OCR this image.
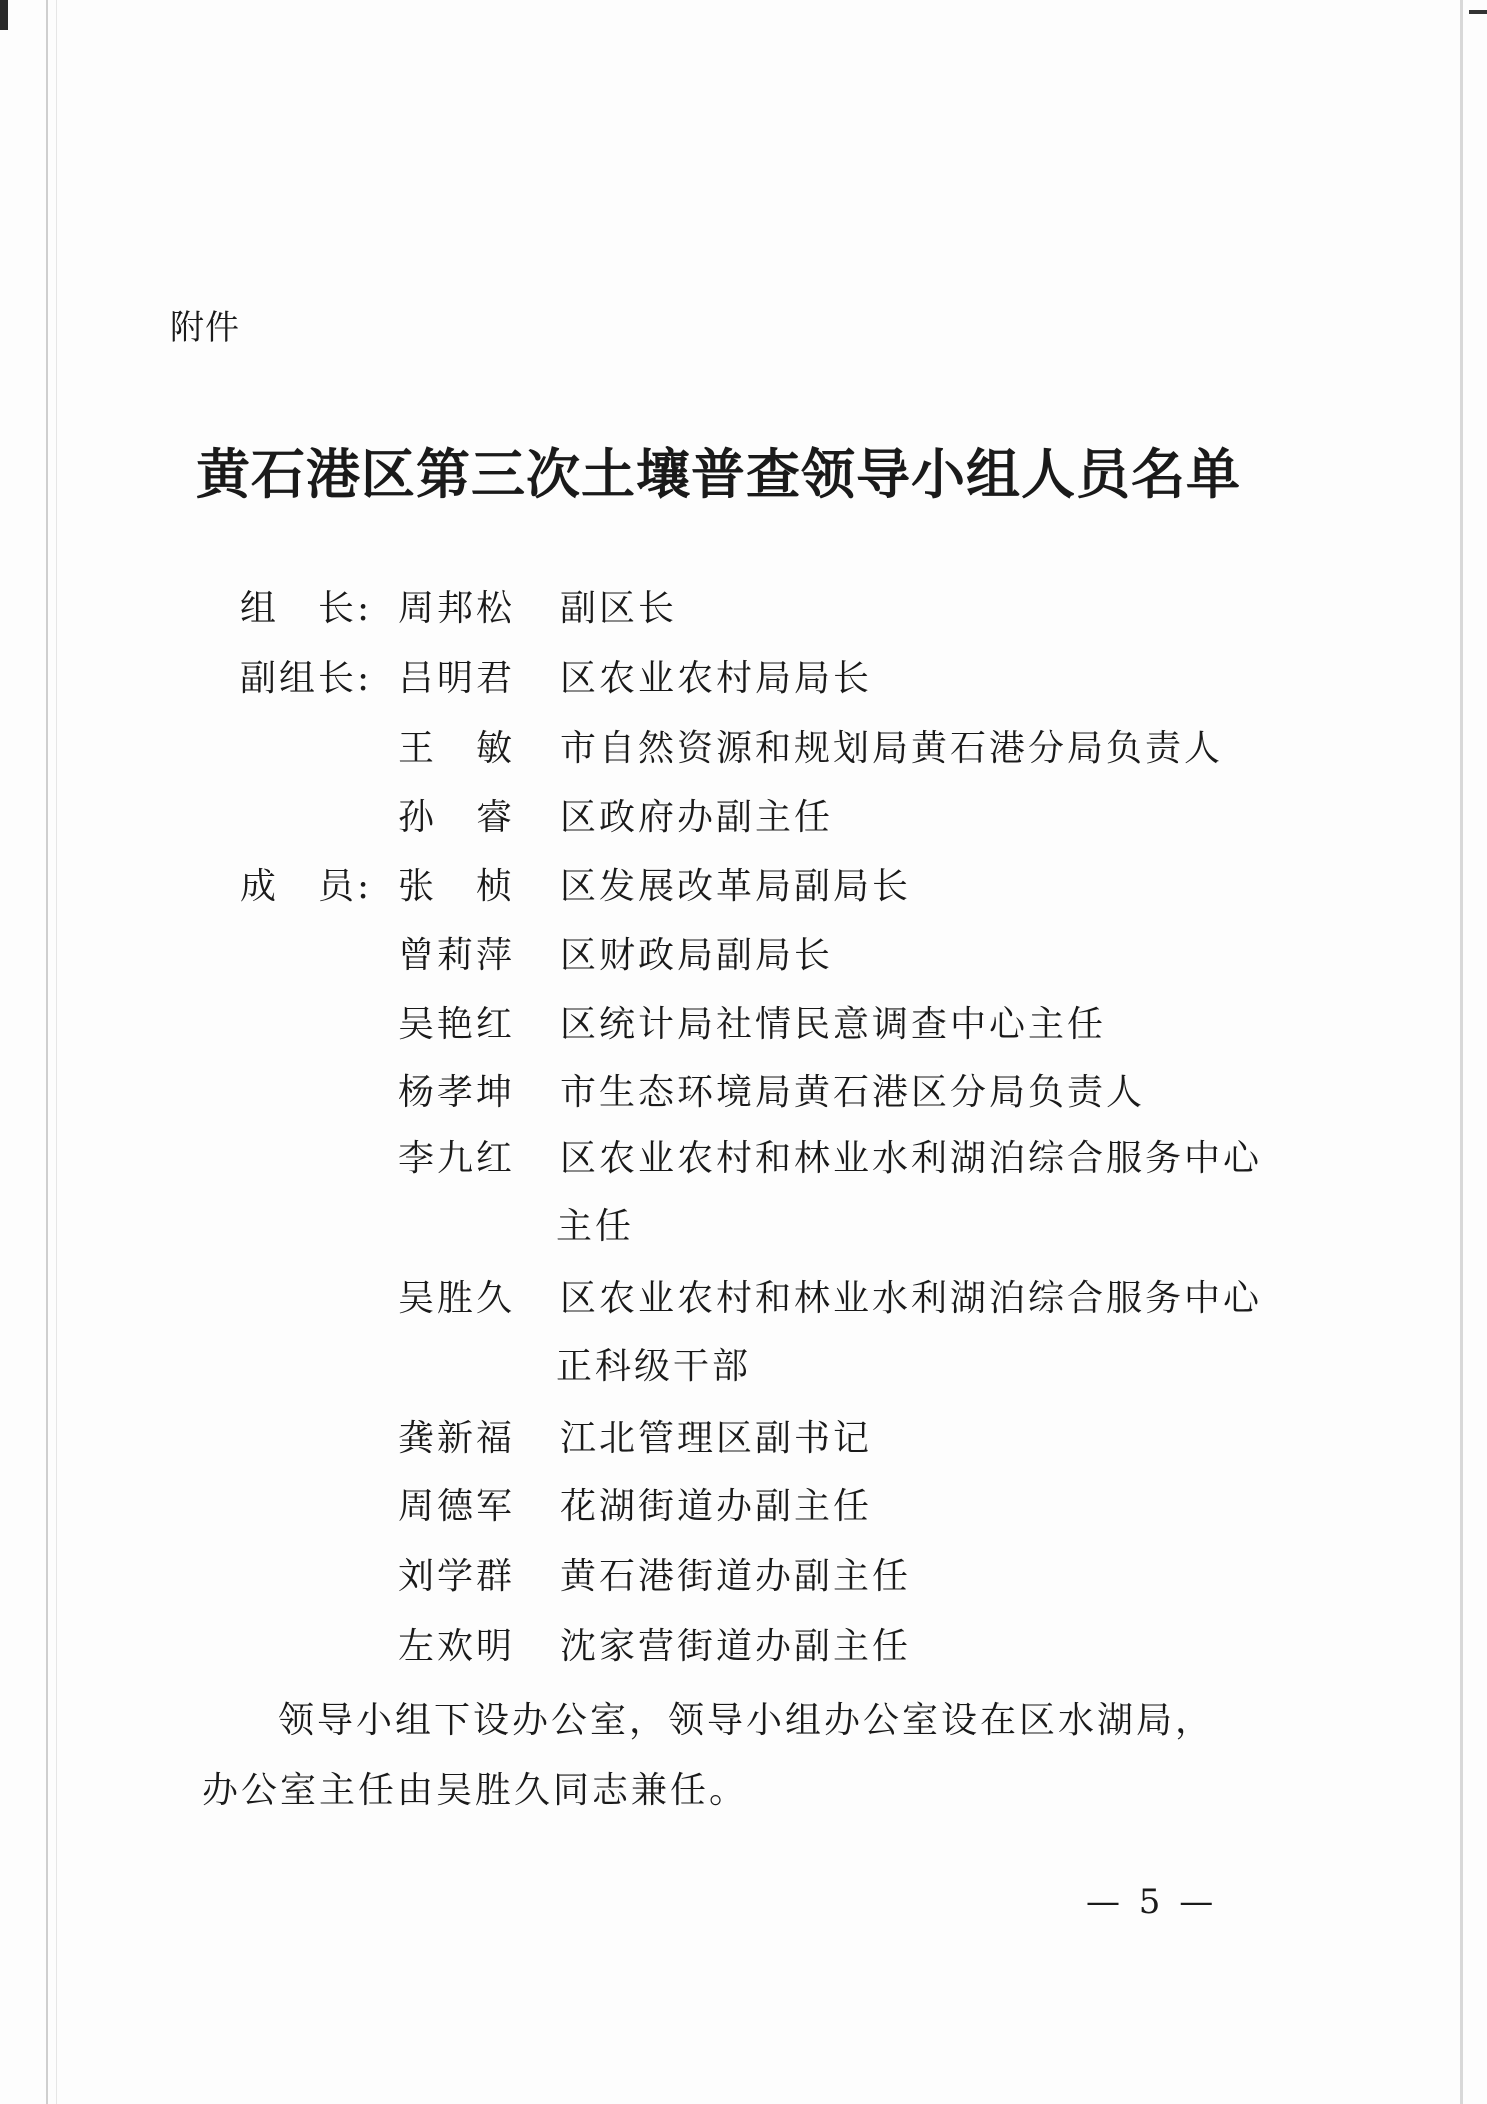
附件
黄石港区第三次土壤普查领导小组人员名单
组　长: 周邦松	副区长
副组长: 吕明君	区农业农村局局长
王　敏	市自然资源和规划局黄石港分局负责人
孙　睿	区政府办副主任
成　员: 张　桢	区发展改革局副局长
曾莉萍	区财政局副局长
吴艳红	区统计局社情民意调查中心主任
杨孝坤	市生态环境局黄石港区分局负责人
李九红	区农业农村和林业水利湖泊综合服务中心
主任
吴胜久	区农业农村和林业水利湖泊综合服务中心
正科级干部
龚新福	江北管理区副书记
周德军	花湖街道办副主任
刘学群	黄石港街道办副主任
左欢明	沈家营街道办副主任
领导小组下设办公室，领导小组办公室设在区水湖局，办公室主任由吴胜久同志兼任。
— 5 —
